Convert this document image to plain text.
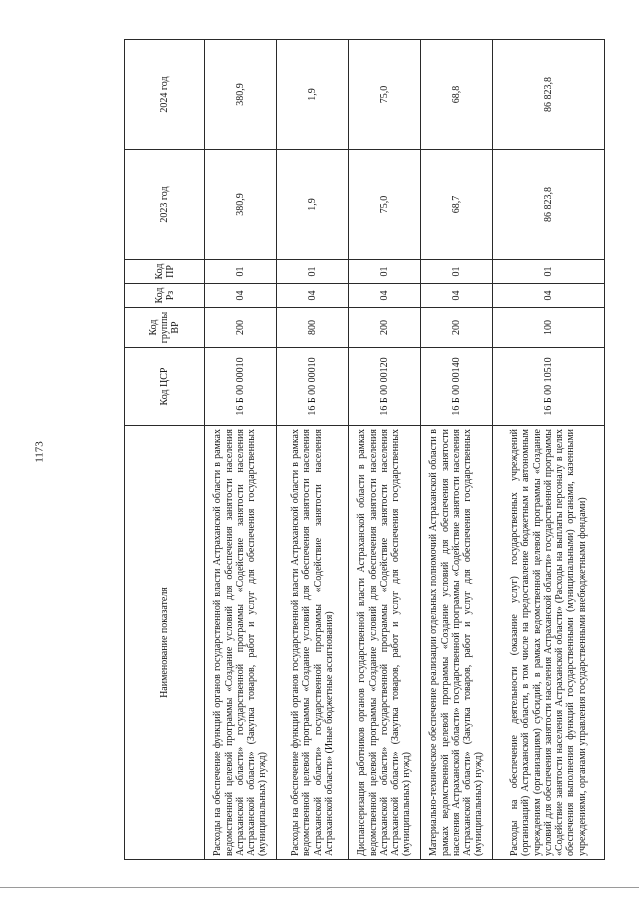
1173
Наименование показателя	Код ЦСР	Код группы ВР	Код Рз	Код ПР	2023 год	2024 год
Расходы на обеспечение функций органов государственной власти Астраханской области в рамках ведомственной целевой программы «Создание условий для обеспечения занятости населения Астраханской области» государственной программы «Содействие занятости населения Астраханской области» (Закупка товаров, работ и услуг для обеспечения государственных (муниципальных) нужд)	16 Б 00 00010	200	04	01	380,9	380,9
Расходы на обеспечение функций органов государственной власти Астраханской области в рамках ведомственной целевой программы «Создание условий для обеспечения занятости населения Астраханской области» государственной программы «Содействие занятости населения Астраханской области» (Иные бюджетные ассигнования)	16 Б 00 00010	800	04	01	1,9	1,9
Диспансеризация работников органов государственной власти Астраханской области в рамках ведомственной целевой программы «Создание условий для обеспечения занятости населения Астраханской области» государственной программы «Содействие занятости населения Астраханской области» (Закупка товаров, работ и услуг для обеспечения государственных (муниципальных) нужд)	16 Б 00 00120	200	04	01	75,0	75,0
Материально-техническое обеспечение реализации отдельных полномочий Астраханской области в рамках ведомственной целевой программы «Создание условий для обеспечения занятости населения Астраханской области» государственной программы «Содействие занятости населения Астраханской области» (Закупка товаров, работ и услуг для обеспечения государственных (муниципальных) нужд)	16 Б 00 00140	200	04	01	68,7	68,8
Расходы на обеспечение деятельности (оказание услуг) государственных учреждений (организаций) Астраханской области, в том числе на предоставление бюджетным и автономным учреждениям (организациям) субсидий, в рамках ведомственной целевой программы «Создание условий для обеспечения занятости населения Астраханской области» государственной программы «Содействие занятости населения Астраханской области» (Расходы на выплаты персоналу в целях обеспечения выполнения функций государственными (муниципальными) органами, казенными учреждениями, органами управления государственными внебюджетными фондами)	16 Б 00 10510	100	04	01	86 823,8	86 823,8
